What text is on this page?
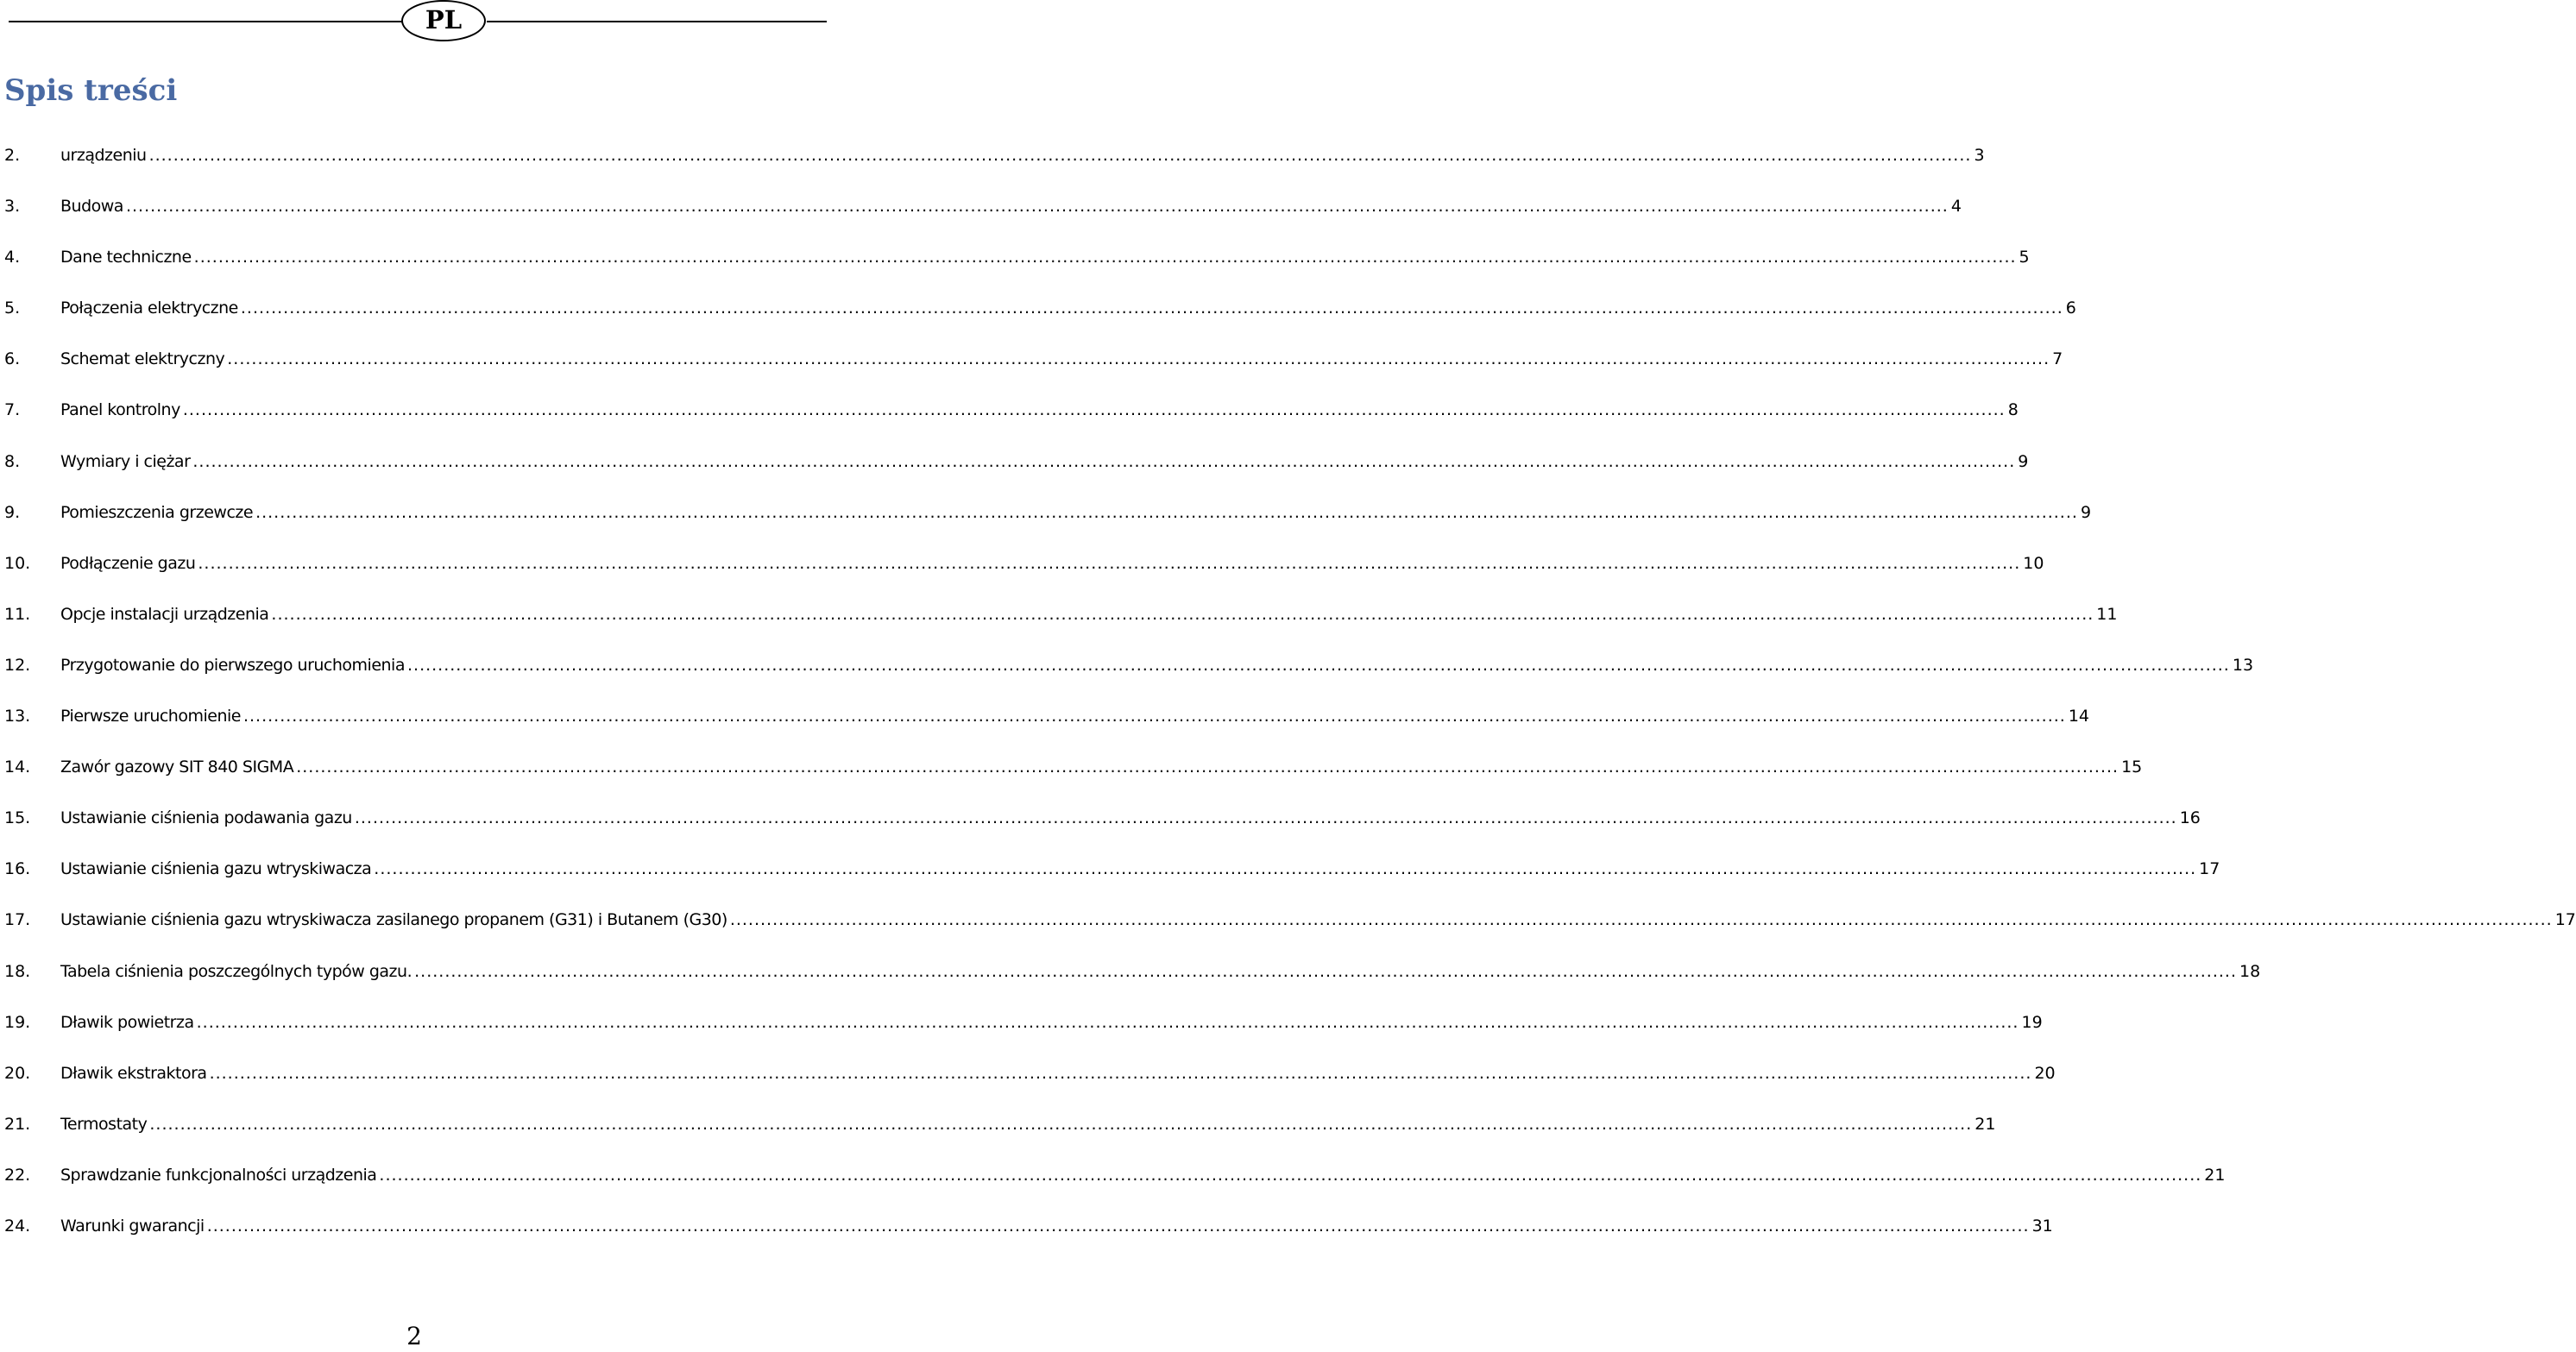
PL
Spis treści
2. urządzeniu ............................................................................................................................................................................................................................................................................................................ 3
3. Budowa ............................................................................................................................................................................................................................................................................................................ 4
4. Dane techniczne ............................................................................................................................................................................................................................................................................................................ 5
5. Połączenia elektryczne ............................................................................................................................................................................................................................................................................................................ 6
6. Schemat elektryczny ............................................................................................................................................................................................................................................................................................................ 7
7. Panel kontrolny ............................................................................................................................................................................................................................................................................................................ 8
8. Wymiary i ciężar ............................................................................................................................................................................................................................................................................................................ 9
9. Pomieszczenia grzewcze ............................................................................................................................................................................................................................................................................................................ 9
10. Podłączenie gazu ............................................................................................................................................................................................................................................................................................................ 10
11. Opcje instalacji urządzenia ............................................................................................................................................................................................................................................................................................................ 11
12. Przygotowanie do pierwszego uruchomienia ............................................................................................................................................................................................................................................................................................................ 13
13. Pierwsze uruchomienie ............................................................................................................................................................................................................................................................................................................ 14
14. Zawór gazowy SIT 840 SIGMA ............................................................................................................................................................................................................................................................................................................ 15
15. Ustawianie ciśnienia podawania gazu ............................................................................................................................................................................................................................................................................................................ 16
16. Ustawianie ciśnienia gazu wtryskiwacza ............................................................................................................................................................................................................................................................................................................ 17
17. Ustawianie ciśnienia gazu wtryskiwacza zasilanego propanem (G31) i Butanem (G30) ............................................................................................................................................................................................................................................................................................................ 17
18. Tabela ciśnienia poszczególnych typów gazu. ............................................................................................................................................................................................................................................................................................................ 18
19. Dławik powietrza ............................................................................................................................................................................................................................................................................................................ 19
20. Dławik ekstraktora ............................................................................................................................................................................................................................................................................................................ 20
21. Termostaty ............................................................................................................................................................................................................................................................................................................ 21
22. Sprawdzanie funkcjonalności urządzenia ............................................................................................................................................................................................................................................................................................................ 21
24. Warunki gwarancji ............................................................................................................................................................................................................................................................................................................ 31
2
